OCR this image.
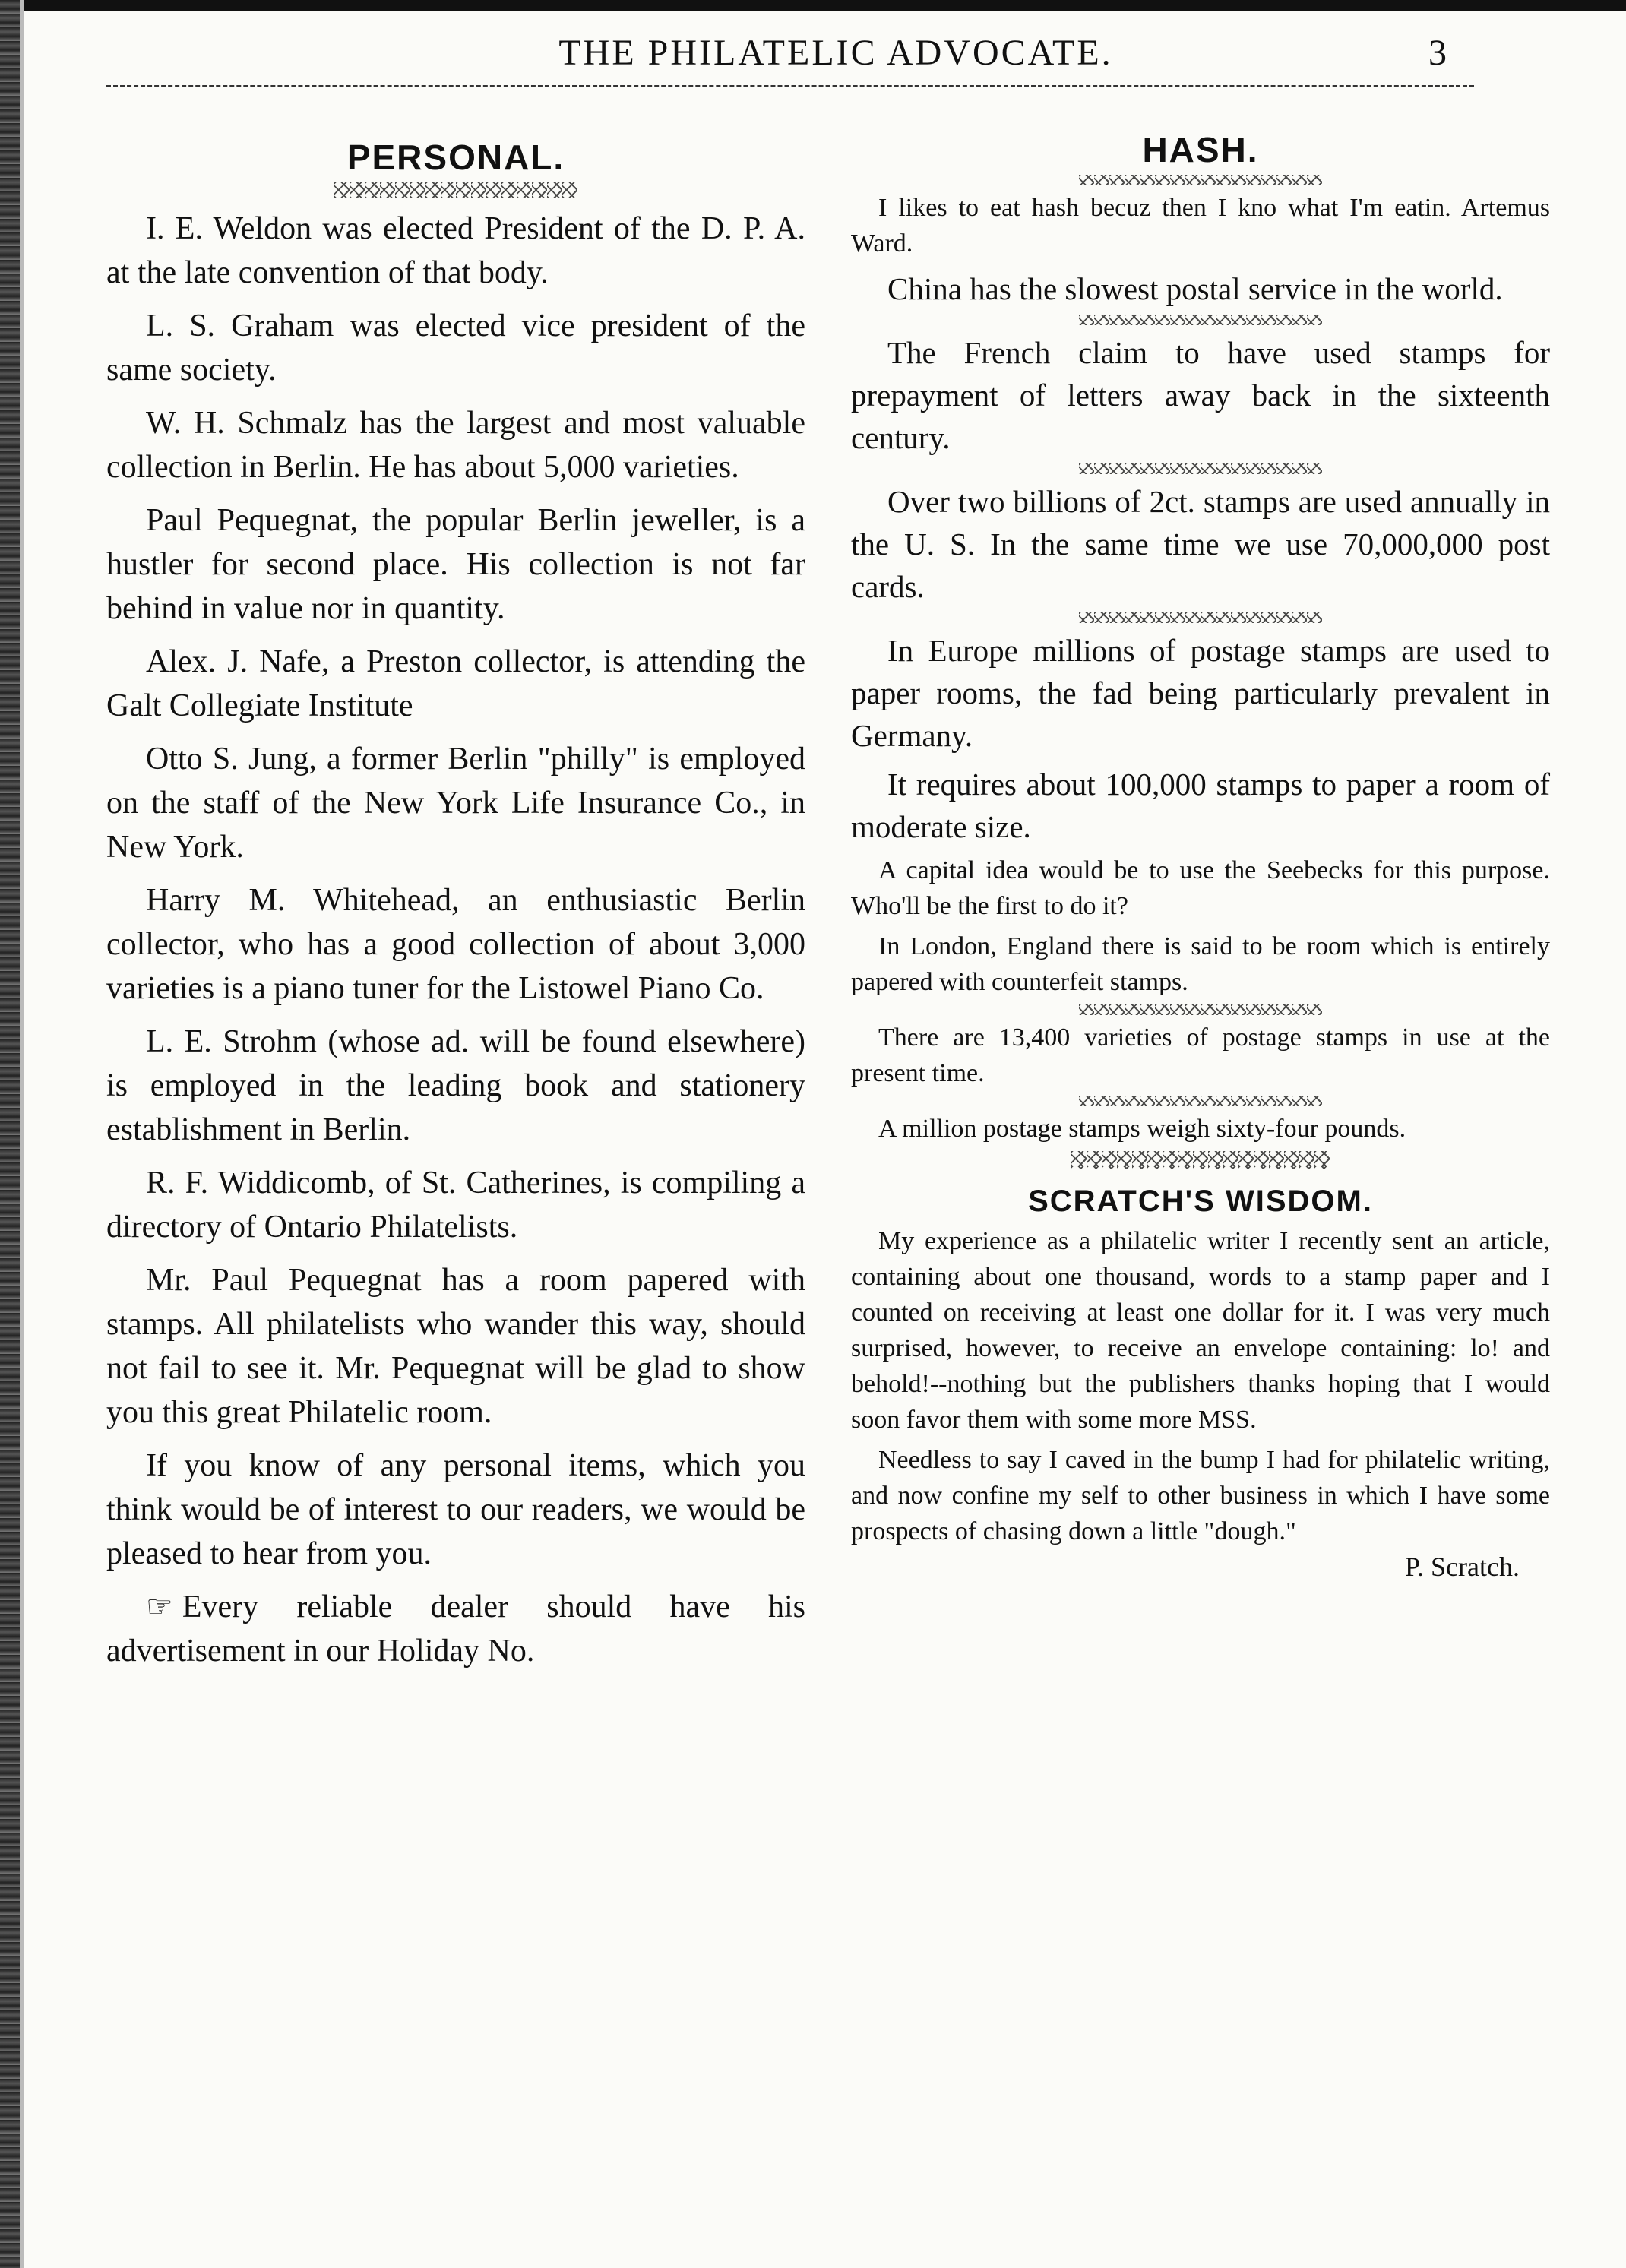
THE PHILATELIC ADVOCATE.	3
PERSONAL.

I. E. Weldon was elected President of the D. P. A. at the late convention of that body.

L. S. Graham was elected vice president of the same society.

W. H. Schmalz has the largest and most valuable collection in Berlin. He has about 5,000 varieties.

Paul Pequegnat, the popular Berlin jeweller, is a hustler for second place. His collection is not far behind in value nor in quantity.

Alex. J. Nafe, a Preston collector, is attending the Galt Collegiate Institute

Otto S. Jung, a former Berlin "philly" is employed on the staff of the New York Life Insurance Co., in New York.

Harry M. Whitehead, an enthusiastic Berlin collector, who has a good collection of about 3,000 varieties is a piano tuner for the Listowel Piano Co.

L. E. Strohm (whose ad. will be found elsewhere) is employed in the leading book and stationery establishment in Berlin.

R. F. Widdicomb, of St. Catherines, is compiling a directory of Ontario Philatelists.

Mr. Paul Pequegnat has a room papered with stamps. All philatelists who wander this way, should not fail to see it. Mr. Pequegnat will be glad to show you this great Philatelic room.

If you know of any personal items, which you think would be of interest to our readers, we would be pleased to hear from you.

☞ Every reliable dealer should have his advertisement in our Holiday No.

HASH.

I likes to eat hash becuz then I kno what I'm eatin. Artemus Ward.

China has the slowest postal service in the world.

The French claim to have used stamps for prepayment of letters away back in the sixteenth century.

Over two billions of 2ct. stamps are used annually in the U. S. In the same time we use 70,000,000 post cards.

In Europe millions of postage stamps are used to paper rooms, the fad being particularly prevalent in Germany.

It requires about 100,000 stamps to paper a room of moderate size.

A capital idea would be to use the Seebecks for this purpose. Who'll be the first to do it?

In London, England there is said to be room which is entirely papered with counterfeit stamps.

There are 13,400 varieties of postage stamps in use at the present time.

A million postage stamps weigh sixty-four pounds.

SCRATCH'S WISDOM.

My experience as a philatelic writer I recently sent an article, containing about one thousand, words to a stamp paper and I counted on receiving at least one dollar for it. I was very much surprised, however, to receive an envelope containing: lo! and behold!--nothing but the publishers thanks hoping that I would soon favor them with some more MSS.

Needless to say I caved in the bump I had for philatelic writing, and now confine my self to other business in which I have some prospects of chasing down a little "dough."

P. Scratch.
